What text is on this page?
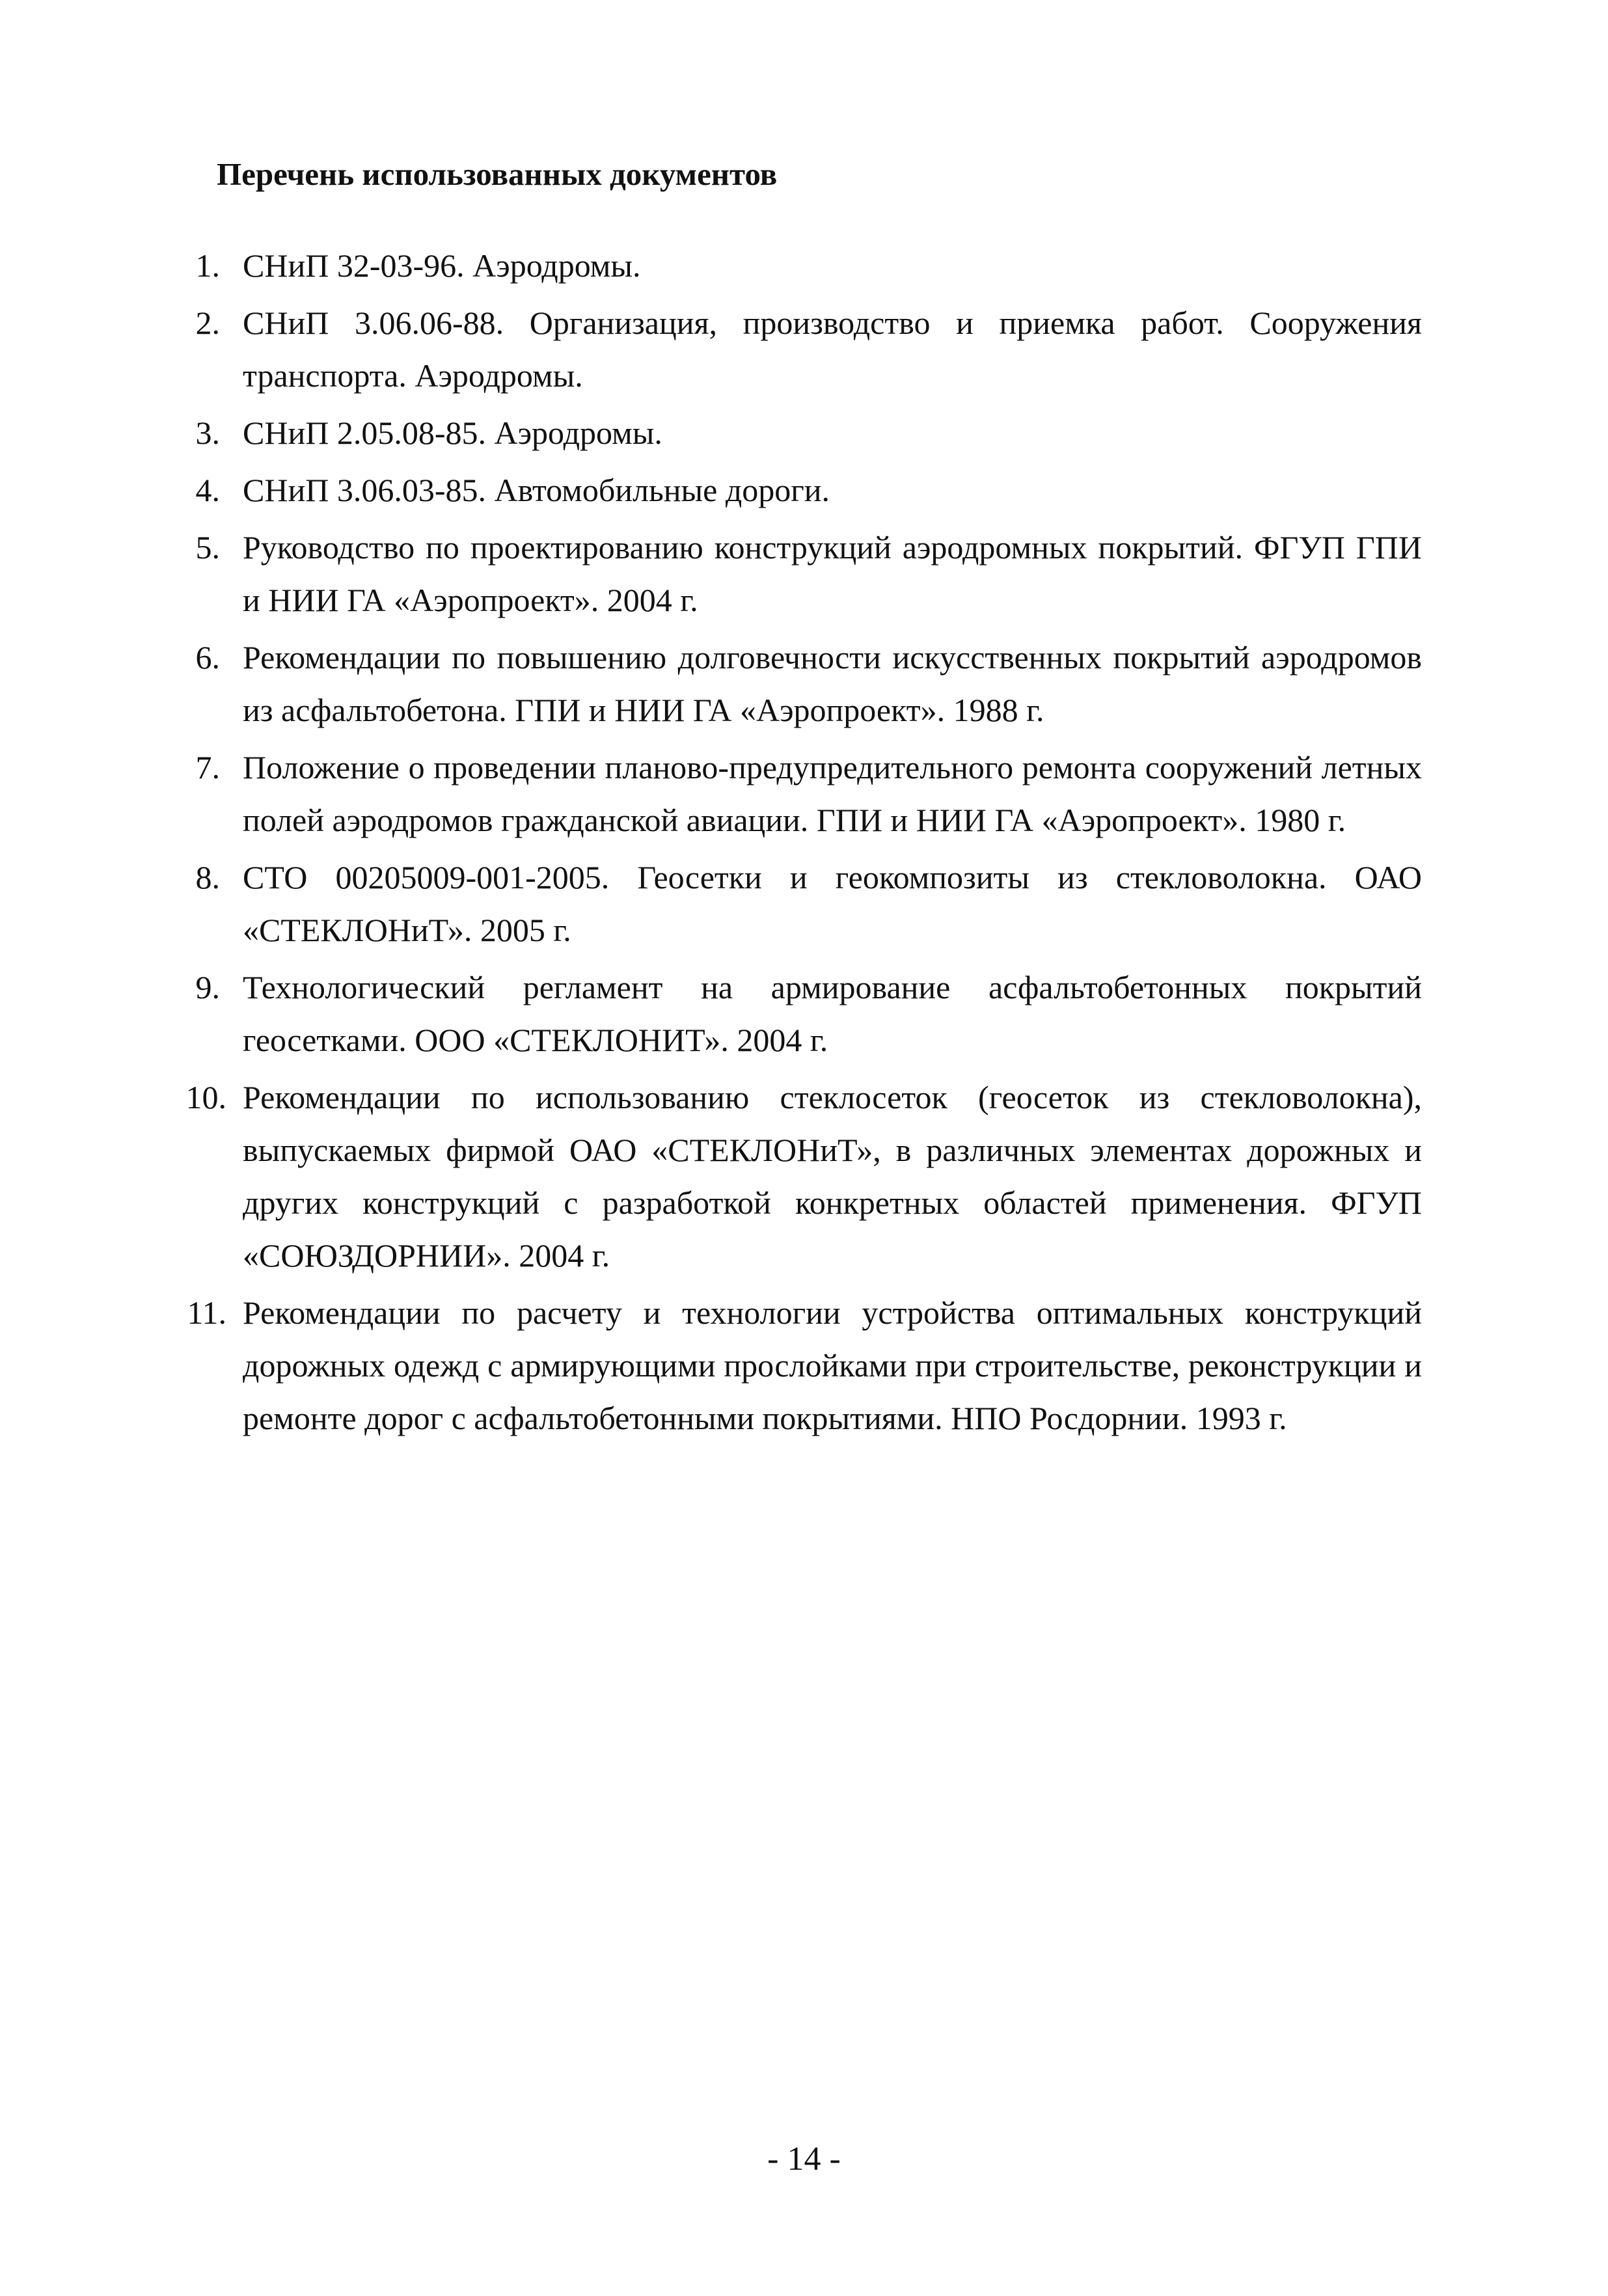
Перечень использованных документов
1. СНиП 32-03-96. Аэродромы.
2. СНиП 3.06.06-88. Организация, производство и приемка работ. Сооружения транспорта. Аэродромы.
3. СНиП 2.05.08-85. Аэродромы.
4. СНиП 3.06.03-85. Автомобильные дороги.
5. Руководство по проектированию конструкций аэродромных покрытий. ФГУП ГПИ и НИИ ГА «Аэропроект». 2004 г.
6. Рекомендации по повышению долговечности искусственных покрытий аэродромов из асфальтобетона. ГПИ и НИИ ГА «Аэропроект». 1988 г.
7. Положение о проведении планово-предупредительного ремонта сооружений летных полей аэродромов гражданской авиации. ГПИ и НИИ ГА «Аэропроект». 1980 г.
8. СТО 00205009-001-2005. Геосетки и геокомпозиты из стекловолокна. ОАО «СТЕКЛОНиТ». 2005 г.
9. Технологический регламент на армирование асфальтобетонных покрытий геосетками. ООО «СТЕКЛОНИТ». 2004 г.
10. Рекомендации по использованию стеклосеток (геосеток из стекловолокна), выпускаемых фирмой ОАО «СТЕКЛОНиТ», в различных элементах дорожных и других конструкций с разработкой конкретных областей применения. ФГУП «СОЮЗДОРНИИ». 2004 г.
11. Рекомендации по расчету и технологии устройства оптимальных конструкций дорожных одежд с армирующими прослойками при строительстве, реконструкции и ремонте дорог с асфальтобетонными покрытиями. НПО Росдорнии. 1993 г.

- 14 -
